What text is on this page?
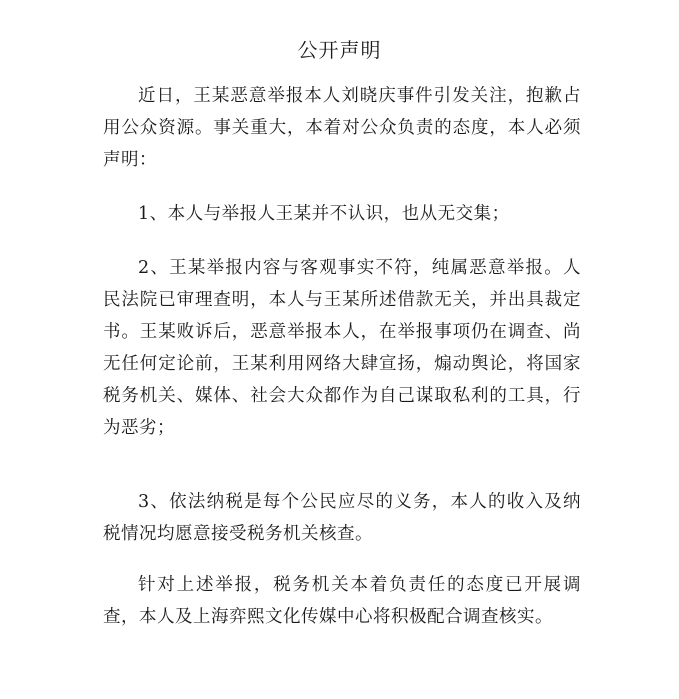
公开声明

近日，王某恶意举报本人刘晓庆事件引发关注，抱歉占用公众资源。事关重大，本着对公众负责的态度，本人必须声明：

1、本人与举报人王某并不认识，也从无交集；

2、王某举报内容与客观事实不符，纯属恶意举报。人民法院已审理查明，本人与王某所述借款无关，并出具裁定书。王某败诉后，恶意举报本人，在举报事项仍在调查、尚无任何定论前，王某利用网络大肆宣扬，煽动舆论，将国家税务机关、媒体、社会大众都作为自己谋取私利的工具，行为恶劣；

3、依法纳税是每个公民应尽的义务，本人的收入及纳税情况均愿意接受税务机关核查。

针对上述举报，税务机关本着负责任的态度已开展调查，本人及上海弈熙文化传媒中心将积极配合调查核实。
